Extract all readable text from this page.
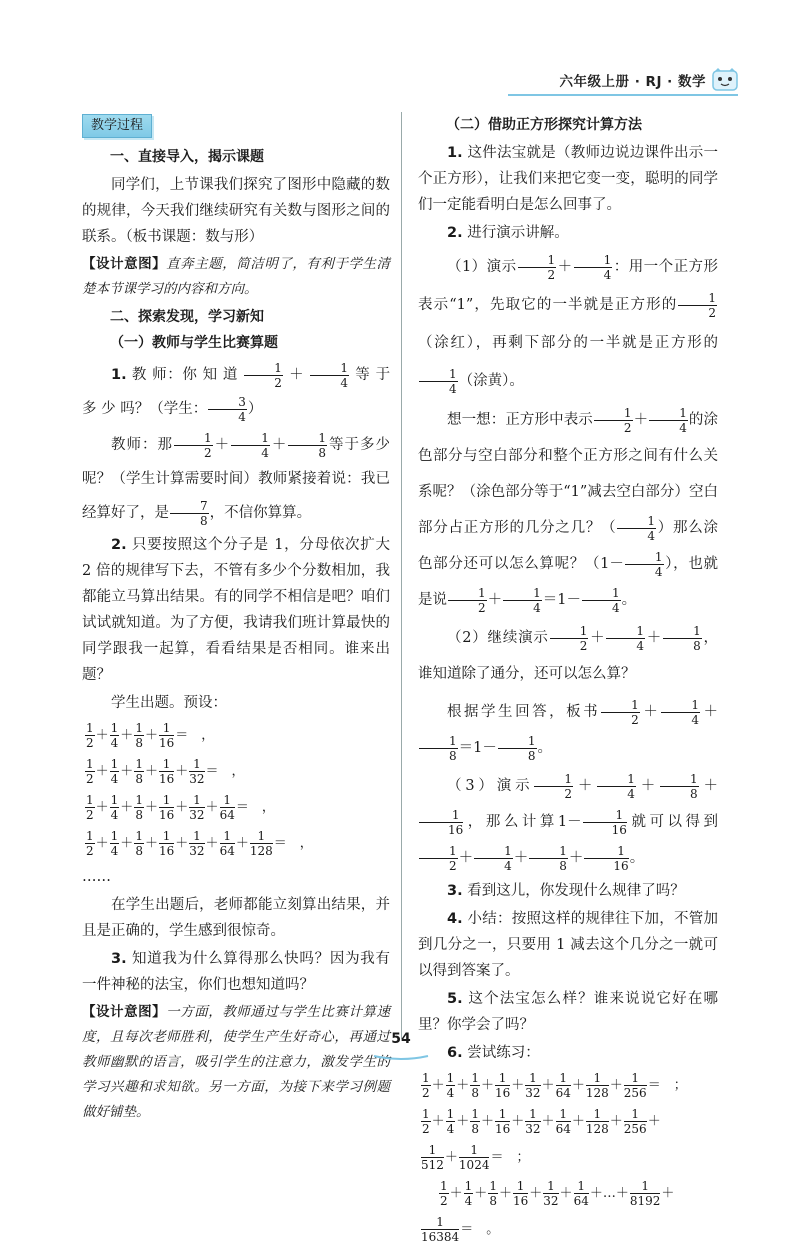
六年级上册 · RJ · 数学
教学过程
一、直接导入，揭示课题
同学们，上节课我们探究了图形中隐藏的数的规律，今天我们继续研究有关数与图形之间的联系。（板书课题：数与形）
【设计意图】直奔主题，简洁明了，有利于学生清楚本节课学习的内容和方向。
二、探索发现，学习新知
（一）教师与学生比赛算题
1. 教 师：你 知 道 $\frac{1}{2} + \frac{1}{4}$ 等 于 多 少 吗？（学生： $\frac{3}{4}$ ）
教师：那 $\frac{1}{2} + \frac{1}{4} + \frac{1}{8}$ 等于多少呢？（学生计算需要时间）教师紧接着说：我已经算好了，是 $\frac{7}{8}$ ，不信你算算。
2. 只要按照这个分子是 1，分母依次扩大 2 倍的规律写下去，不管有多少个分数相加，我都能立马算出结果。有的同学不相信是吧？咱们试试就知道。为了方便，我请我们班计算最快的同学跟我一起算，看看结果是否相同。谁来出题？
学生出题。预设：
$\frac{1}{2} + \frac{1}{4} + \frac{1}{8} + \frac{1}{16}$ ＝　，
$\frac{1}{2} + \frac{1}{4} + \frac{1}{8} + \frac{1}{16} + \frac{1}{32}$ ＝　，
$\frac{1}{2} + \frac{1}{4} + \frac{1}{8} + \frac{1}{16} + \frac{1}{32} + \frac{1}{64}$ ＝　，
$\frac{1}{2} + \frac{1}{4} + \frac{1}{8} + \frac{1}{16} + \frac{1}{32} + \frac{1}{64} + \frac{1}{128}$ ＝　，
……
在学生出题后，老师都能立刻算出结果，并且是正确的，学生感到很惊奇。
3. 知道我为什么算得那么快吗？因为我有一件神秘的法宝，你们也想知道吗？
【设计意图】一方面，教师通过与学生比赛计算速度，且每次老师胜利，使学生产生好奇心，再通过教师幽默的语言，吸引学生的注意力，激发学生的学习兴趣和求知欲。另一方面，为接下来学习例题做好铺垫。
（二）借助正方形探究计算方法
1. 这件法宝就是（教师边说边课件出示一个正方形），让我们来把它变一变，聪明的同学们一定能看明白是怎么回事了。
2. 进行演示讲解。
（1）演示 $\frac{1}{2} + \frac{1}{4}$ ：用一个正方形表示“1”，先取它的一半就是正方形的 $\frac{1}{2}$
（涂红），再剩下部分的一半就是正方形的
$\frac{1}{4}$ （涂黄）。
想一想：正方形中表示 $\frac{1}{2} + \frac{1}{4}$ 的涂色部分与空白部分和整个正方形之间有什么关系呢？（涂色部分等于“1”减去空白部分）空白部分占正方形的几分之几？（ $\frac{1}{4}$ ）那么涂色部分还可以怎么算呢？（$1- \frac{1}{4}$ ），也就是说 $\frac{1}{2} + \frac{1}{4} =1- \frac{1}{4}$ 。
（2）继续演示 $\frac{1}{2} + \frac{1}{4} + \frac{1}{8}$ ，谁知道除了通分，还可以怎么算？
根据学生回答，板书 $\frac{1}{2} + \frac{1}{4}$ ＋
$\frac{1}{8} =1- \frac{1}{8}$ 。
（3）演示 $\frac{1}{2} + \frac{1}{4} + \frac{1}{8}$ ＋
$\frac{1}{16}$ ，那么计算$1- \frac{1}{16}$ 就可以得到
$\frac{1}{2} + \frac{1}{4} + \frac{1}{8} + \frac{1}{16}$ 。
3. 看到这儿，你发现什么规律了吗？
4. 小结：按照这样的规律往下加，不管加到几分之一，只要用 1 减去这个几分之一就可以得到答案了。
5. 这个法宝怎么样？谁来说说它好在哪里？你学会了吗？
6. 尝试练习：
$\frac{1}{2} + \frac{1}{4} + \frac{1}{8} + \frac{1}{16} + \frac{1}{32} + \frac{1}{64} + \frac{1}{128} + \frac{1}{256}$ ＝　 ；
$\frac{1}{2} + \frac{1}{4} + \frac{1}{8} + \frac{1}{16} + \frac{1}{32} + \frac{1}{64} + \frac{1}{128} + \frac{1}{256}$ ＋
$\frac{1}{512} + \frac{1}{1024}$ ＝　 ；
$\frac{1}{2} + \frac{1}{4} + \frac{1}{8} + \frac{1}{16} + \frac{1}{32} + \frac{1}{64}$ ＋…＋ $\frac{1}{8192}$ ＋
$\frac{1}{16384}$ ＝　 。
54
